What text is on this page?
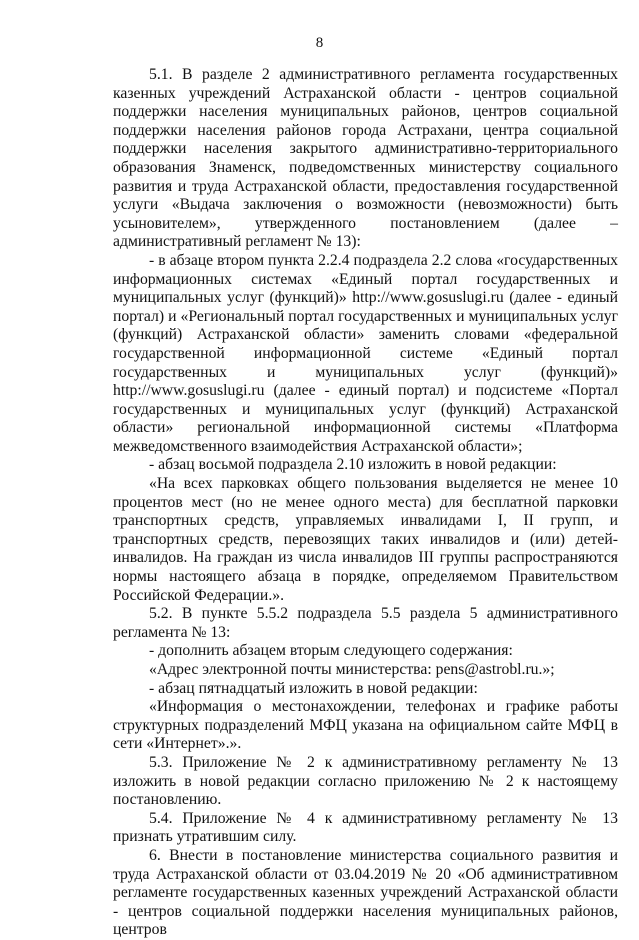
8

5.1. В разделе 2 административного регламента государственных казенных учреждений Астраханской области - центров социальной поддержки населения муниципальных районов, центров социальной поддержки населения районов города Астрахани, центра социальной поддержки населения закрытого административно-территориального образования Знаменск, подведомственных министерству социального развития и труда Астраханской области, предоставления государственной услуги «Выдача заключения о возможности (невозможности) быть усыновителем», утвержденного постановлением (далее – административный регламент № 13):

- в абзаце втором пункта 2.2.4 подраздела 2.2 слова «государственных информационных системах «Единый портал государственных и муниципальных услуг (функций)» http://www.gosuslugi.ru (далее - единый портал) и «Региональный портал государственных и муниципальных услуг (функций) Астраханской области» заменить словами «федеральной государственной информационной системе «Единый портал государственных и муниципальных услуг (функций)» http://www.gosuslugi.ru (далее - единый портал) и подсистеме «Портал государственных и муниципальных услуг (функций) Астраханской области» региональной информационной системы «Платформа межведомственного взаимодействия Астраханской области»;

- абзац восьмой подраздела 2.10 изложить в новой редакции:

«На всех парковках общего пользования выделяется не менее 10 процентов мест (но не менее одного места) для бесплатной парковки транспортных средств, управляемых инвалидами I, II групп, и транспортных средств, перевозящих таких инвалидов и (или) детей-инвалидов. На граждан из числа инвалидов III группы распространяются нормы настоящего абзаца в порядке, определяемом Правительством Российской Федерации.».

5.2. В пункте 5.5.2 подраздела 5.5 раздела 5 административного регламента № 13:

- дополнить абзацем вторым следующего содержания:

«Адрес электронной почты министерства: pens@astrobl.ru.»;

- абзац пятнадцатый изложить в новой редакции:

«Информация о местонахождении, телефонах и графике работы структурных подразделений МФЦ указана на официальном сайте МФЦ в сети «Интернет».».

5.3. Приложение № 2 к административному регламенту № 13 изложить в новой редакции согласно приложению № 2 к настоящему постановлению.

5.4. Приложение № 4 к административному регламенту № 13 признать утратившим силу.

6. Внести в постановление министерства социального развития и труда Астраханской области от 03.04.2019 № 20 «Об административном регламенте государственных казенных учреждений Астраханской области - центров социальной поддержки населения муниципальных районов, центров
